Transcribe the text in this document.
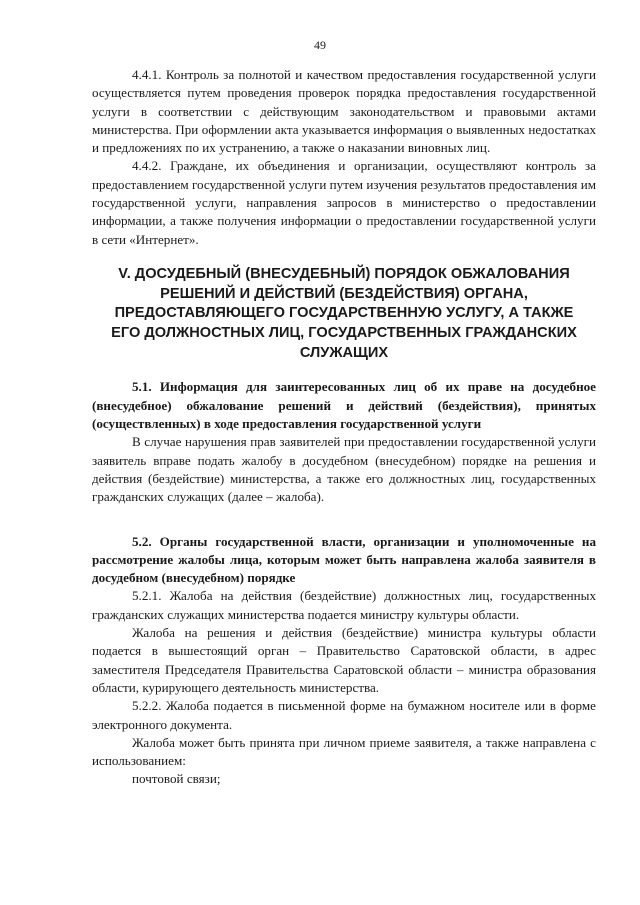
49

4.4.1. Контроль за полнотой и качеством предоставления государственной услуги осуществляется путем проведения проверок порядка предоставления государственной услуги в соответствии с действующим законодательством и правовыми актами министерства. При оформлении акта указывается информация о выявленных недостатках и предложениях по их устранению, а также о наказании виновных лиц.

4.4.2. Граждане, их объединения и организации, осуществляют контроль за предоставлением государственной услуги путем изучения результатов предоставления им государственной услуги, направления запросов в министерство о предоставлении информации, а также получения информации о предоставлении государственной услуги в сети «Интернет».

V. ДОСУДЕБНЫЙ (ВНЕСУДЕБНЫЙ) ПОРЯДОК ОБЖАЛОВАНИЯ РЕШЕНИЙ И ДЕЙСТВИЙ (БЕЗДЕЙСТВИЯ) ОРГАНА, ПРЕДОСТАВЛЯЮЩЕГО ГОСУДАРСТВЕННУЮ УСЛУГУ, А ТАКЖЕ ЕГО ДОЛЖНОСТНЫХ ЛИЦ, ГОСУДАРСТВЕННЫХ ГРАЖДАНСКИХ СЛУЖАЩИХ

5.1. Информация для заинтересованных лиц об их праве на досудебное (внесудебное) обжалование решений и действий (бездействия), принятых (осуществленных) в ходе предоставления государственной услуги

В случае нарушения прав заявителей при предоставлении государственной услуги заявитель вправе подать жалобу в досудебном (внесудебном) порядке на решения и действия (бездействие) министерства, а также его должностных лиц, государственных гражданских служащих (далее – жалоба).

5.2. Органы государственной власти, организации и уполномоченные на рассмотрение жалобы лица, которым может быть направлена жалоба заявителя в досудебном (внесудебном) порядке

5.2.1. Жалоба на действия (бездействие) должностных лиц, государственных гражданских служащих министерства подается министру культуры области.

Жалоба на решения и действия (бездействие) министра культуры области подается в вышестоящий орган – Правительство Саратовской области, в адрес заместителя Председателя Правительства Саратовской области – министра образования области, курирующего деятельность министерства.

5.2.2. Жалоба подается в письменной форме на бумажном носителе или в форме электронного документа.

Жалоба может быть принята при личном приеме заявителя, а также направлена с использованием:

почтовой связи;
